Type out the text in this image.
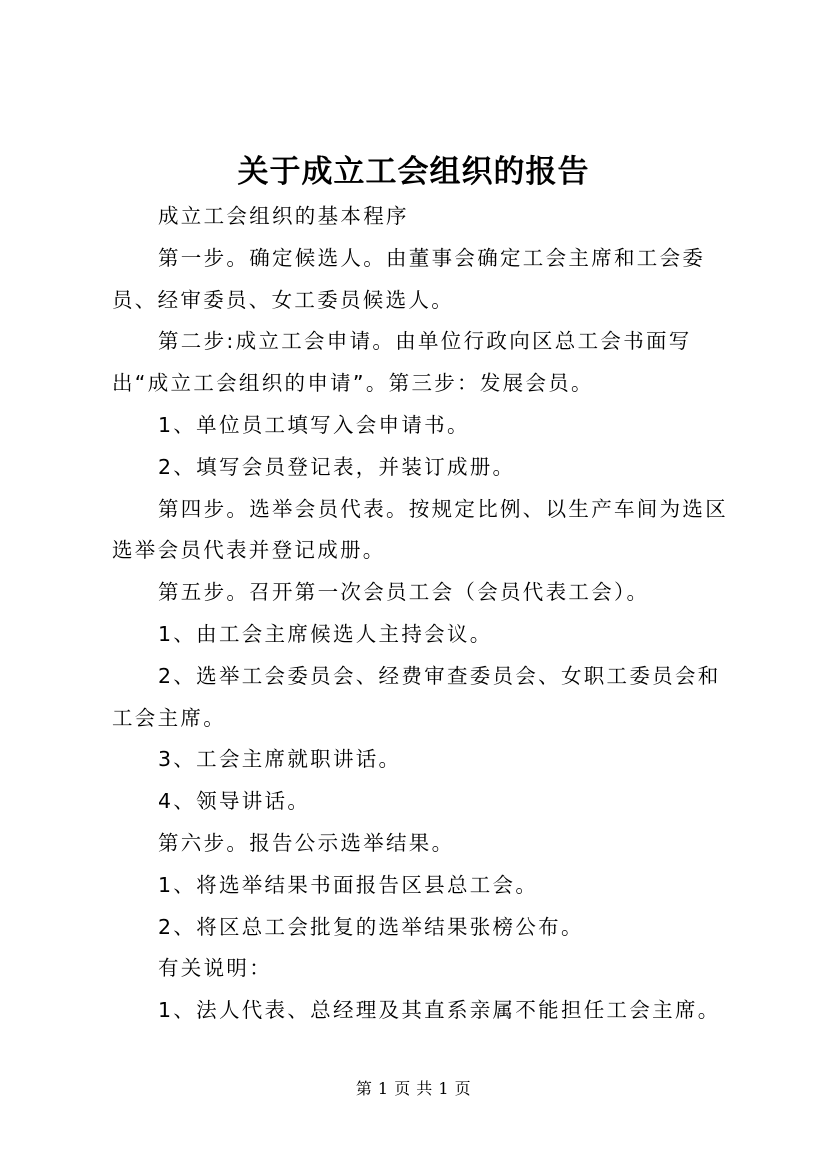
关于成立工会组织的报告

成立工会组织的基本程序

第一步。确定候选人。由董事会确定工会主席和工会委员、经审委员、女工委员候选人。

第二步:成立工会申请。由单位行政向区总工会书面写出“成立工会组织的申请”。第三步：发展会员。

1、单位员工填写入会申请书。

2、填写会员登记表，并装订成册。

第四步。选举会员代表。按规定比例、以生产车间为选区选举会员代表并登记成册。

第五步。召开第一次会员工会（会员代表工会）。

1、由工会主席候选人主持会议。

2、选举工会委员会、经费审查委员会、女职工委员会和工会主席。

3、工会主席就职讲话。

4、领导讲话。

第六步。报告公示选举结果。

1、将选举结果书面报告区县总工会。

2、将区总工会批复的选举结果张榜公布。

有关说明：

1、法人代表、总经理及其直系亲属不能担任工会主席。

第 1 页 共 1 页
